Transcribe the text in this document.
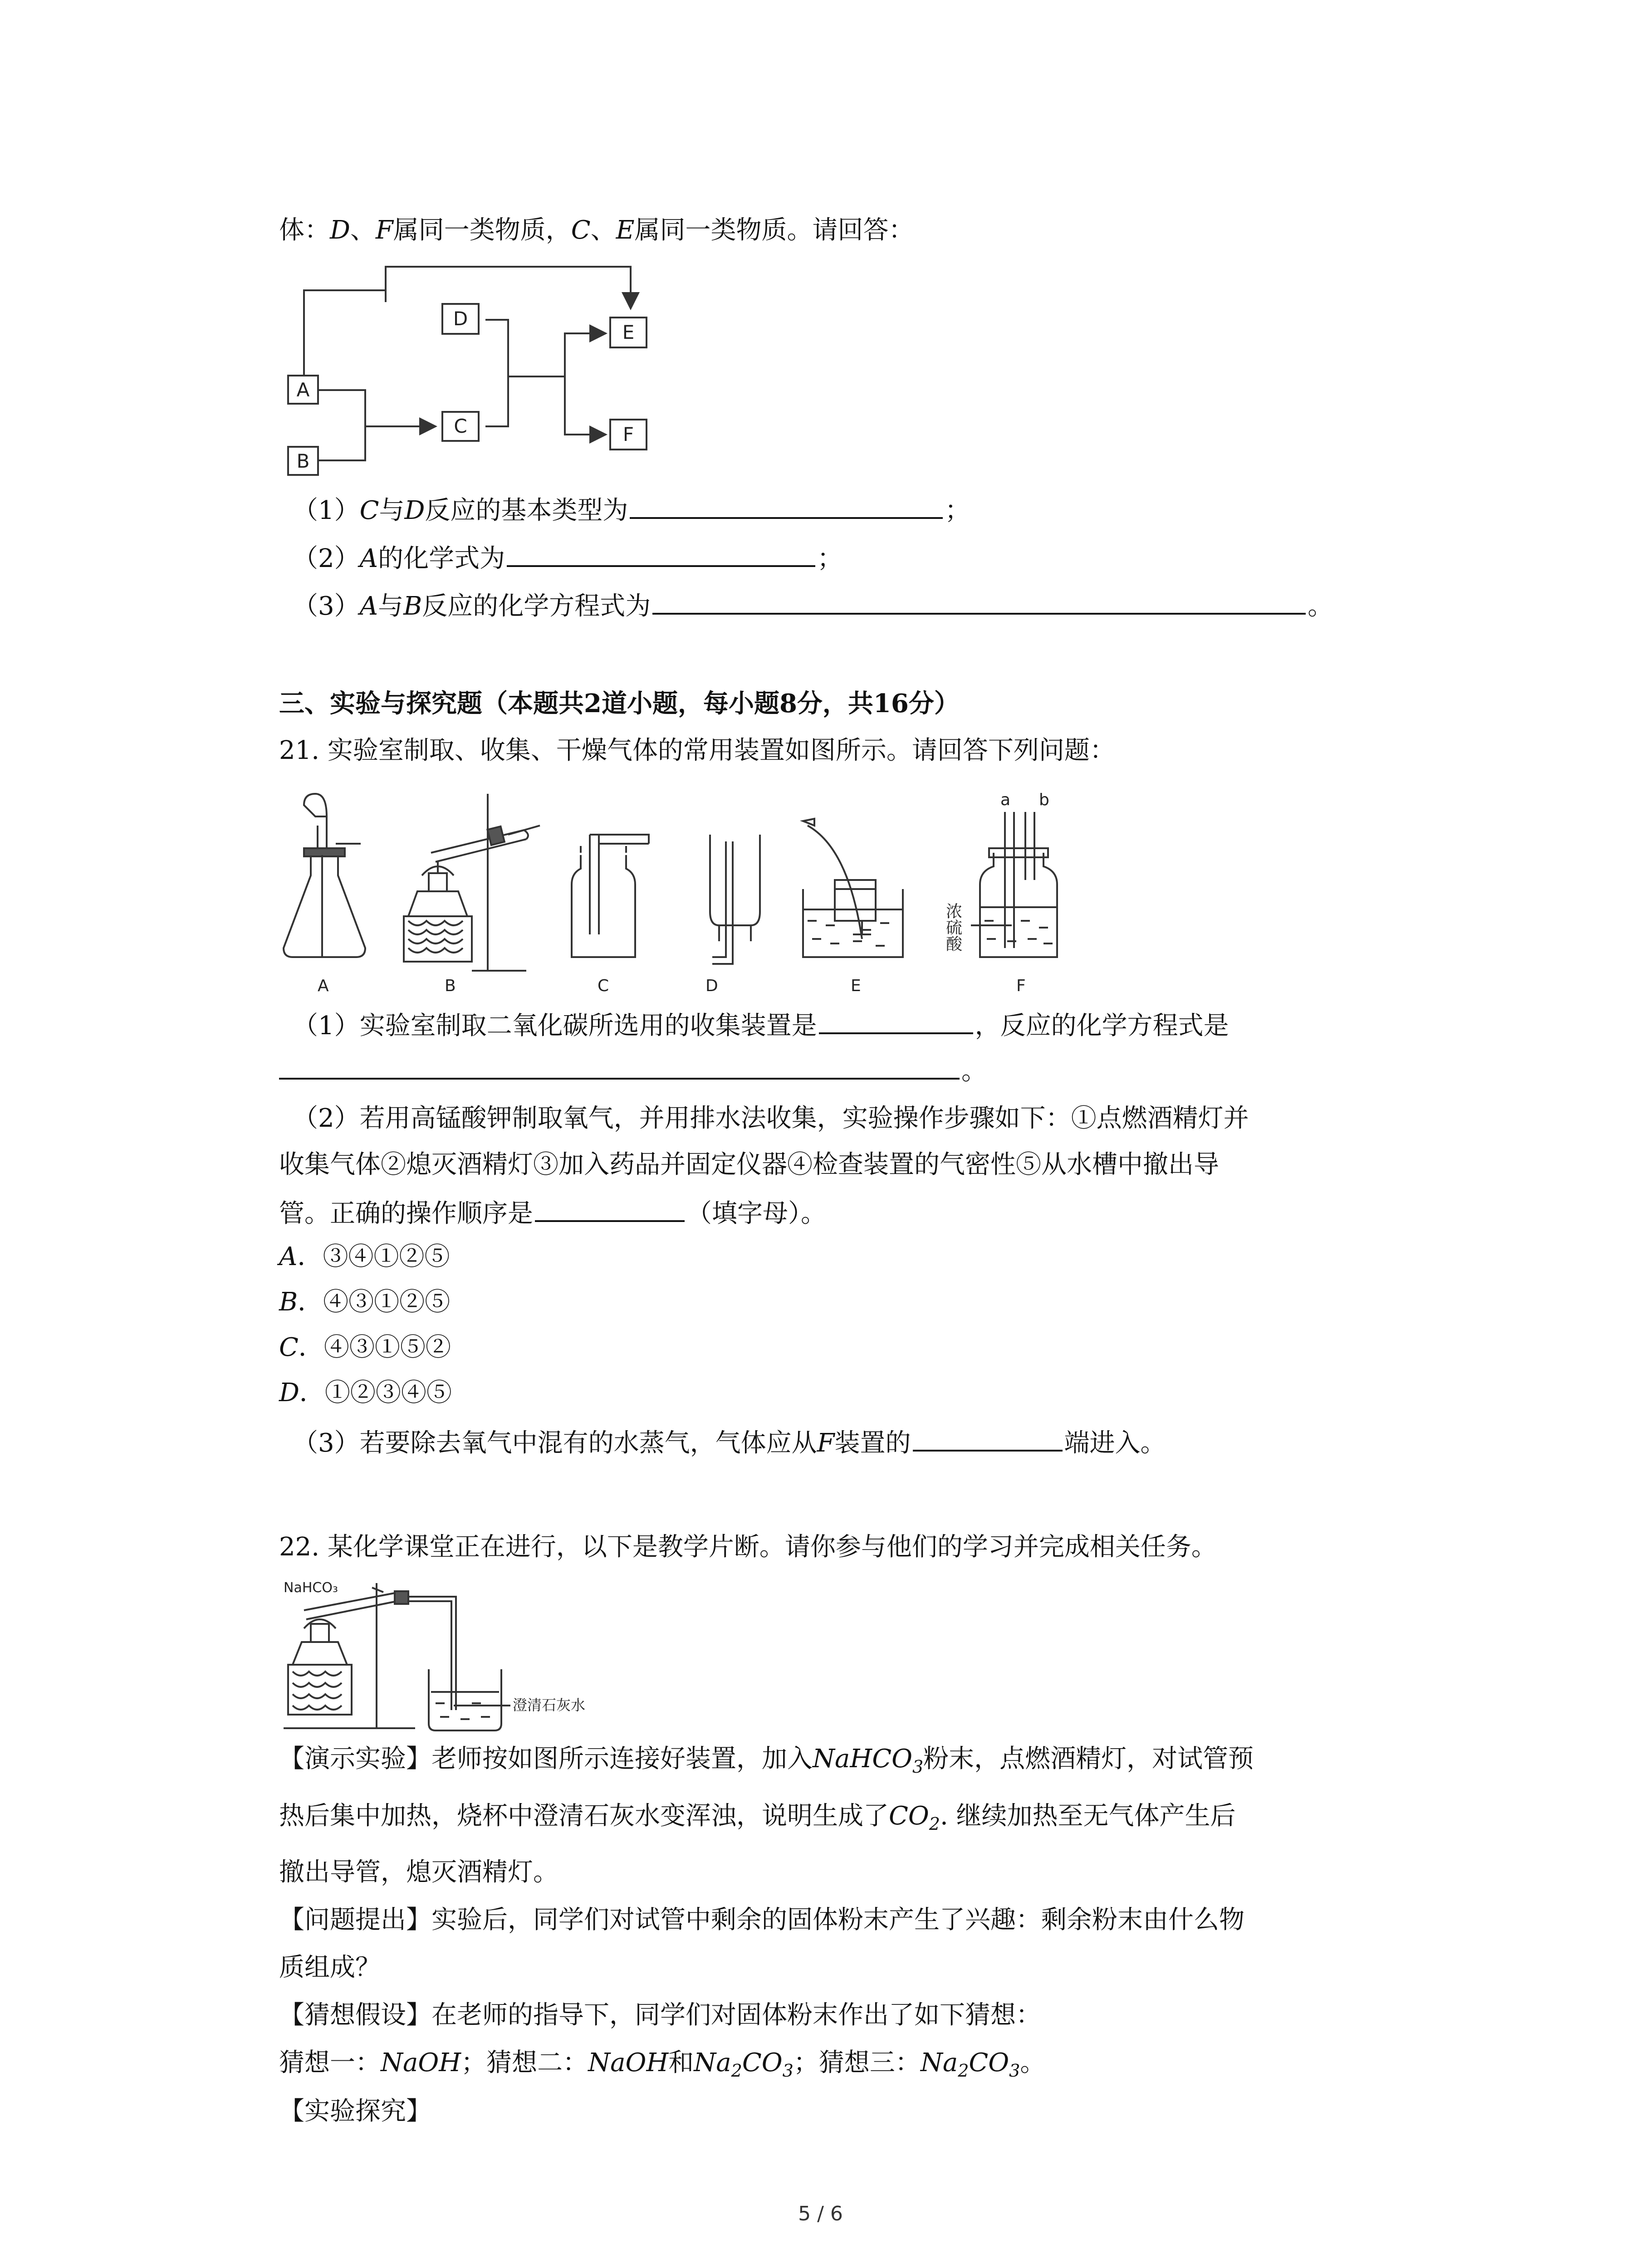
体：D、F属同一类物质，C、E属同一类物质。请回答：
A
B
C
D
E
F
（1）C与D反应的基本类型为	；
（2）A的化学式为	；
（3）A与B反应的化学方程式为	。
三、实验与探究题（本题共2道小题，每小题8分，共16分）
21. 实验室制取、收集、干燥气体的常用装置如图所示。请回答下列问题：
a b
浓硫酸
A	B	C	D	E	F
（1）实验室制取二氧化碳所选用的收集装置是	，反应的化学方程式是
。
（2）若用高锰酸钾制取氧气，并用排水法收集，实验操作步骤如下：①点燃酒精灯并
收集气体②熄灭酒精灯③加入药品并固定仪器④检查装置的气密性⑤从水槽中撤出导
管。正确的操作顺序是	（填字母）。
A．③④①②⑤
B．④③①②⑤
C．④③①⑤②
D．①②③④⑤
（3）若要除去氧气中混有的水蒸气，气体应从F装置的	端进入。
22. 某化学课堂正在进行，以下是教学片断。请你参与他们的学习并完成相关任务。
NaHCO₃
澄清石灰水
【演示实验】老师按如图所示连接好装置，加入NaHCO$_3$粉末，点燃酒精灯，对试管预
热后集中加热，烧杯中澄清石灰水变浑浊，说明生成了$CO_2$. 继续加热至无气体产生后
撤出导管，熄灭酒精灯。
【问题提出】实验后，同学们对试管中剩余的固体粉末产生了兴趣：剩余粉末由什么物
质组成？
【猜想假设】在老师的指导下，同学们对固体粉末作出了如下猜想：
猜想一：NaOH；猜想二：NaOH和$Na_2CO_3$；猜想三：$Na_2CO_3$。
【实验探究】
5 / 6
